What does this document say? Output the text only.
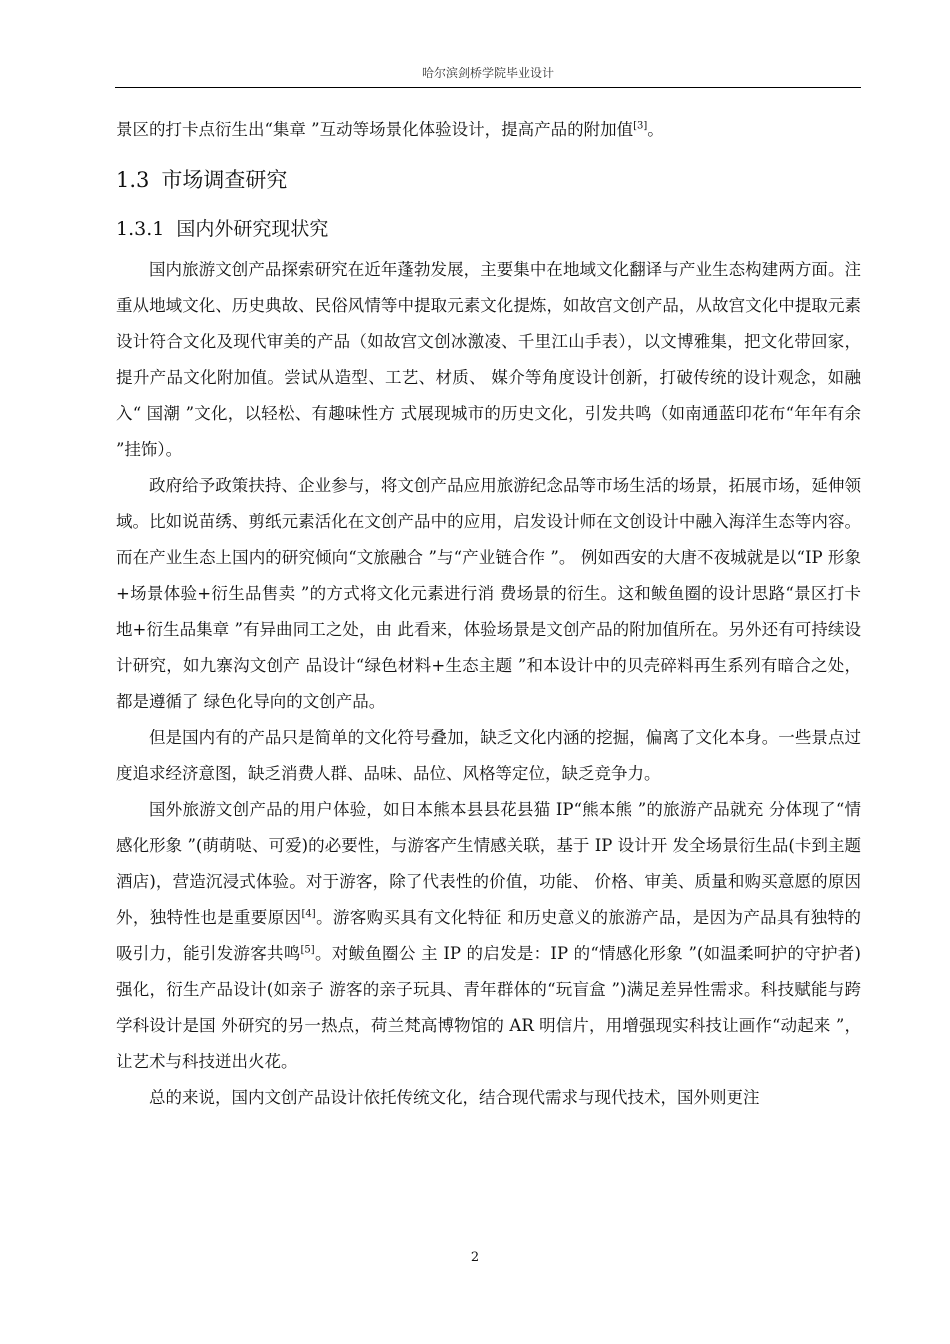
哈尔滨剑桥学院毕业设计

景区的打卡点衍生出“集章 ”互动等场景化体验设计，提高产品的附加值[3]。

1.3 市场调查研究
1.3.1 国内外研究现状究

国内旅游文创产品探索研究在近年蓬勃发展，主要集中在地域文化翻译与产业生态构建两方面。注重从地域文化、历史典故、民俗风情等中提取元素文化提炼，如故宫文创产品，从故宫文化中提取元素设计符合文化及现代审美的产品（如故宫文创冰激凌、千里江山手表），以文博雅集，把文化带回家，提升产品文化附加值。尝试从造型、工艺、材质、 媒介等角度设计创新，打破传统的设计观念，如融入“ 国潮 ”文化，以轻松、有趣味性方 式展现城市的历史文化，引发共鸣（如南通蓝印花布“年年有余 ”挂饰）。

政府给予政策扶持、企业参与，将文创产品应用旅游纪念品等市场生活的场景，拓展市场，延伸领域。比如说苗绣、剪纸元素活化在文创产品中的应用，启发设计师在文创设计中融入海洋生态等内容。而在产业生态上国内的研究倾向“文旅融合 ”与“产业链合作 ”。 例如西安的大唐不夜城就是以“IP 形象+场景体验+衍生品售卖 ”的方式将文化元素进行消 费场景的衍生。这和鲅鱼圈的设计思路“景区打卡地+衍生品集章 ”有异曲同工之处，由 此看来，体验场景是文创产品的附加值所在。另外还有可持续设计研究，如九寨沟文创产 品设计“绿色材料+生态主题 ”和本设计中的贝壳碎料再生系列有暗合之处，都是遵循了 绿色化导向的文创产品。

但是国内有的产品只是简单的文化符号叠加，缺乏文化内涵的挖掘，偏离了文化本身。一些景点过度追求经济意图，缺乏消费人群、品味、品位、风格等定位，缺乏竞争力。

国外旅游文创产品的用户体验，如日本熊本县县花县猫 IP“熊本熊 ”的旅游产品就充 分体现了“情感化形象 ”(萌萌哒、可爱)的必要性，与游客产生情感关联，基于 IP 设计开 发全场景衍生品(卡到主题酒店)，营造沉浸式体验。对于游客，除了代表性的价值，功能、 价格、审美、质量和购买意愿的原因外，独特性也是重要原因[4]。游客购买具有文化特征 和历史意义的旅游产品，是因为产品具有独特的吸引力，能引发游客共鸣[5]。对鲅鱼圈公 主 IP 的启发是：IP 的“情感化形象 ”(如温柔呵护的守护者)强化，衍生产品设计(如亲子 游客的亲子玩具、青年群体的“玩盲盒 ”)满足差异性需求。科技赋能与跨学科设计是国 外研究的另一热点，荷兰梵高博物馆的 AR 明信片，用增强现实科技让画作“动起来 ”， 让艺术与科技迸出火花。

总的来说，国内文创产品设计依托传统文化，结合现代需求与现代技术，国外则更注

2
